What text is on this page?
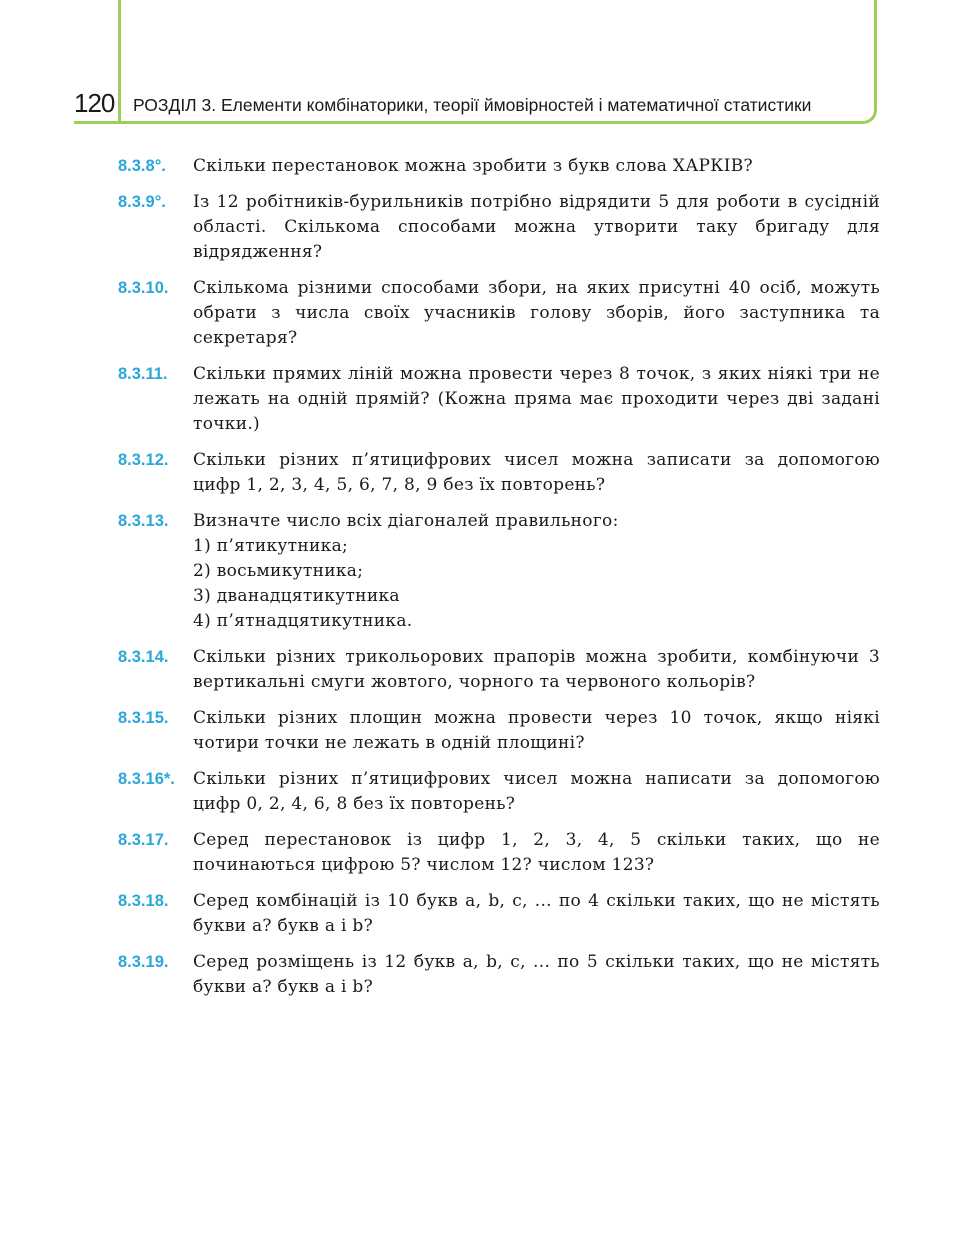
120 РОЗДІЛ 3. Елементи комбінаторики, теорії ймовірностей і математичної статистики
8.3.8°.	Скільки перестановок можна зробити з букв слова ХАРКІВ?
8.3.9°.	Із 12 робітників-бурильників потрібно відрядити 5 для роботи в сусідній області. Скількома способами можна утворити таку бригаду для відрядження?
8.3.10.	Скількома різними способами збори, на яких присутні 40 осіб, можуть обрати з числа своїх учасників голову зборів, його заступника та секретаря?
8.3.11.	Скільки прямих ліній можна провести через 8 точок, з яких ніякі три не лежать на одній прямій? (Кожна пряма має проходити через дві задані точки.)
8.3.12.	Скільки різних п’ятицифрових чисел можна записати за допомогою цифр 1, 2, 3, 4, 5, 6, 7, 8, 9 без їх повторень?
8.3.13.	Визначте число всіх діагоналей правильного:
1) п’ятикутника;
2) восьмикутника;
3) дванадцятикутника
4) п’ятнадцятикутника.
8.3.14.	Скільки різних трикольорових прапорів можна зробити, комбінуючи 3 вертикальні смуги жовтого, чорного та червоного кольорів?
8.3.15.	Скільки різних площин можна провести через 10 точок, якщо ніякі чотири точки не лежать в одній площині?
8.3.16*.	Скільки різних п’ятицифрових чисел можна написати за допомогою цифр 0, 2, 4, 6, 8 без їх повторень?
8.3.17.	Серед перестановок із цифр 1, 2, 3, 4, 5 скільки таких, що не починаються цифрою 5? числом 12? числом 123?
8.3.18.	Серед комбінацій із 10 букв a, b, c, ... по 4 скільки таких, що не містять букви a? букв a і b?
8.3.19.	Серед розміщень із 12 букв a, b, c, ... по 5 скільки таких, що не містять букви a? букв a і b?
